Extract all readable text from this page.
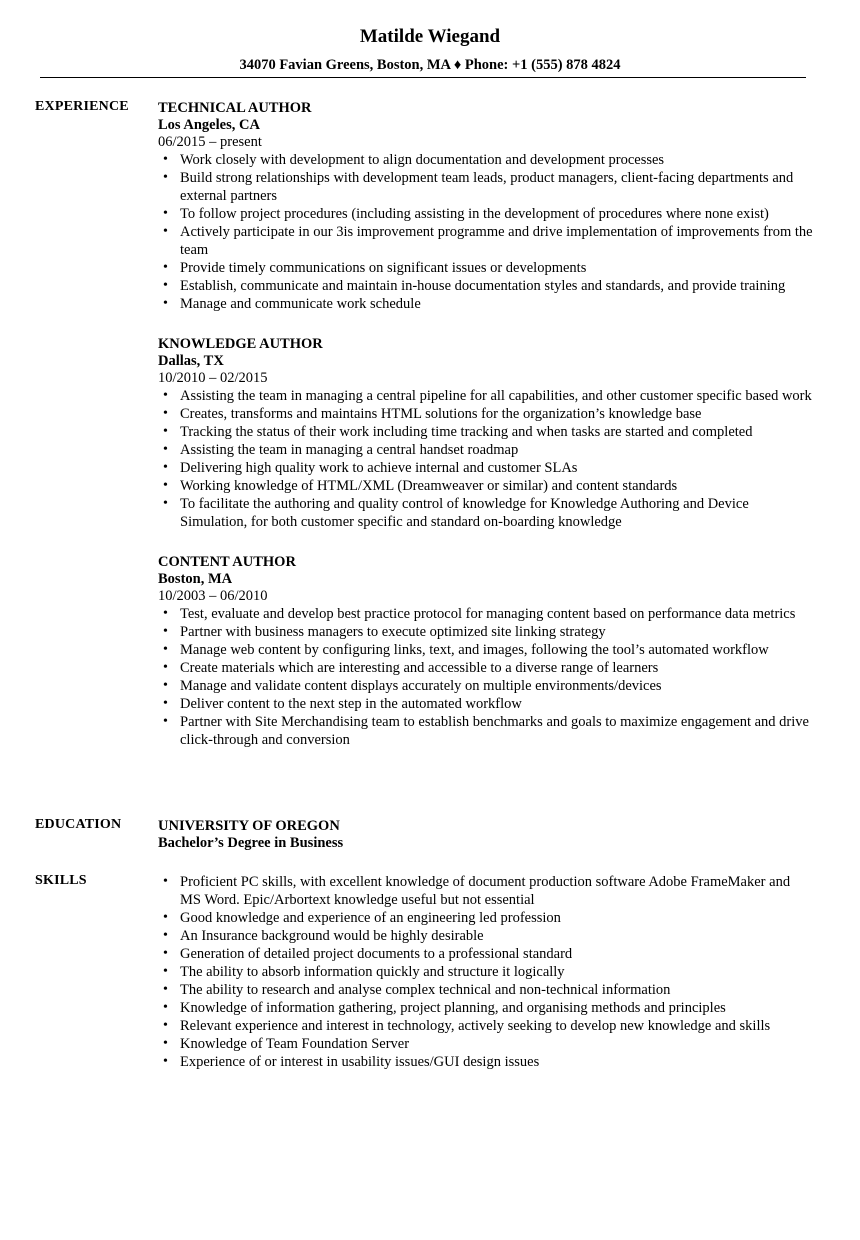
Matilde Wiegand
34070 Favian Greens, Boston, MA ♦ Phone: +1 (555) 878 4824
EXPERIENCE TECHNICAL AUTHOR
Los Angeles, CA
06/2015 – present
• Work closely with development to align documentation and development processes
• Build strong relationships with development team leads, product managers, client-facing departments and external partners
• To follow project procedures (including assisting in the development of procedures where none exist)
• Actively participate in our 3is improvement programme and drive implementation of improvements from the team
• Provide timely communications on significant issues or developments
• Establish, communicate and maintain in-house documentation styles and standards, and provide training
• Manage and communicate work schedule
KNOWLEDGE AUTHOR
Dallas, TX
10/2010 – 02/2015
• Assisting the team in managing a central pipeline for all capabilities, and other customer specific based work
• Creates, transforms and maintains HTML solutions for the organization’s knowledge base
• Tracking the status of their work including time tracking and when tasks are started and completed
• Assisting the team in managing a central handset roadmap
• Delivering high quality work to achieve internal and customer SLAs
• Working knowledge of HTML/XML (Dreamweaver or similar) and content standards
• To facilitate the authoring and quality control of knowledge for Knowledge Authoring and Device Simulation, for both customer specific and standard on-boarding knowledge
CONTENT AUTHOR
Boston, MA
10/2003 – 06/2010
• Test, evaluate and develop best practice protocol for managing content based on performance data metrics
• Partner with business managers to execute optimized site linking strategy
• Manage web content by configuring links, text, and images, following the tool’s automated workflow
• Create materials which are interesting and accessible to a diverse range of learners
• Manage and validate content displays accurately on multiple environments/devices
• Deliver content to the next step in the automated workflow
• Partner with Site Merchandising team to establish benchmarks and goals to maximize engagement and drive click-through and conversion
EDUCATION	UNIVERSITY OF OREGON
Bachelor’s Degree in Business
SKILLS
•	Proficient PC skills, with excellent knowledge of document production software Adobe FrameMaker and MS Word. Epic/Arbortext knowledge useful but not essential
• Good knowledge and experience of an engineering led profession
• An Insurance background would be highly desirable
• Generation of detailed project documents to a professional standard
• The ability to absorb information quickly and structure it logically
• The ability to research and analyse complex technical and non-technical information
• Knowledge of information gathering, project planning, and organising methods and principles
• Relevant experience and interest in technology, actively seeking to develop new knowledge and skills
• Knowledge of Team Foundation Server
• Experience of or interest in usability issues/GUI design issues
